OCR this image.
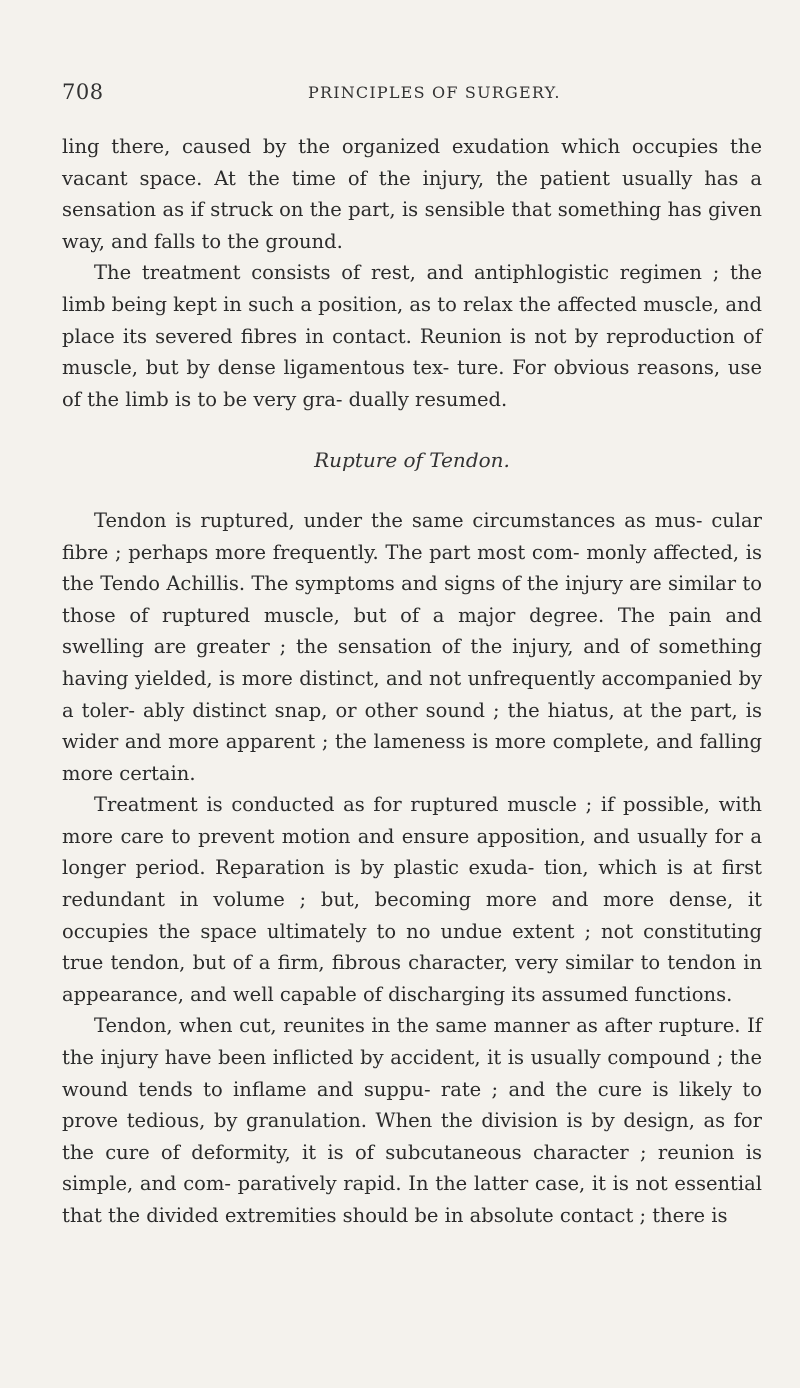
708	PRINCIPLES OF SURGERY.

ling there, caused by the organized exudation which occupies the vacant space. At the time of the injury, the patient usually has a sensation as if struck on the part, is sensible that something has given way, and falls to the ground.

The treatment consists of rest, and antiphlogistic regimen ; the limb being kept in such a position, as to relax the affected muscle, and place its severed fibres in contact. Reunion is not by reproduction of muscle, but by dense ligamentous tex- ture. For obvious reasons, use of the limb is to be very gra- dually resumed.

Rupture of Tendon.

Tendon is ruptured, under the same circumstances as mus- cular fibre ; perhaps more frequently. The part most com- monly affected, is the Tendo Achillis. The symptoms and signs of the injury are similar to those of ruptured muscle, but of a major degree. The pain and swelling are greater ; the sensation of the injury, and of something having yielded, is more distinct, and not unfrequently accompanied by a toler- ably distinct snap, or other sound ; the hiatus, at the part, is wider and more apparent ; the lameness is more complete, and falling more certain.

Treatment is conducted as for ruptured muscle ; if possible, with more care to prevent motion and ensure apposition, and usually for a longer period. Reparation is by plastic exuda- tion, which is at first redundant in volume ; but, becoming more and more dense, it occupies the space ultimately to no undue extent ; not constituting true tendon, but of a firm, fibrous character, very similar to tendon in appearance, and well capable of discharging its assumed functions.

Tendon, when cut, reunites in the same manner as after rupture. If the injury have been inflicted by accident, it is usually compound ; the wound tends to inflame and suppu- rate ; and the cure is likely to prove tedious, by granulation. When the division is by design, as for the cure of deformity, it is of subcutaneous character ; reunion is simple, and com- paratively rapid. In the latter case, it is not essential that the divided extremities should be in absolute contact ; there is
